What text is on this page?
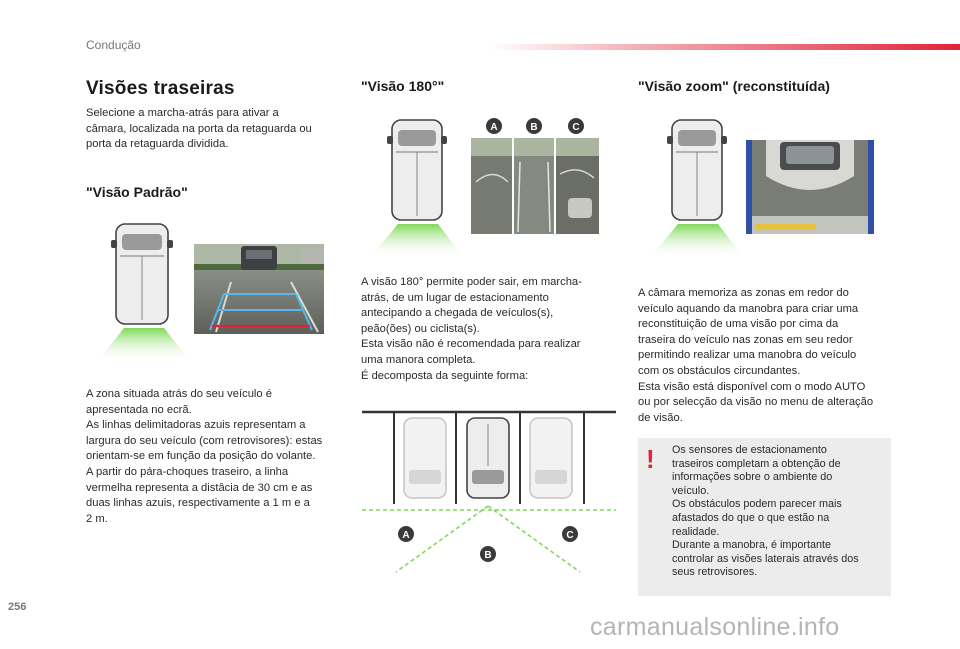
Condução
Visões traseiras
Selecione a marcha-atrás para ativar a
câmara, localizada na porta da retaguarda ou
porta da retaguarda dividida.
"Visão Padrão"
A zona situada atrás do seu veículo é
apresentada no ecrã.
As linhas delimitadoras azuis representam a
largura do seu veículo (com retrovisores): estas
orientam-se em função da posição do volante.
A partir do pára-choques traseiro, a linha
vermelha representa a distâcia de 30 cm e as
duas linhas azuis, respectivamente a 1 m e a
2 m.
"Visão 180°"
A	B	C
A visão 180° permite poder sair, em marcha-
atrás, de um lugar de estacionamento
antecipando a chegada de veículos(s),
peão(ões) ou ciclista(s).
Esta visão não é recomendada para realizar
uma manora completa.
É decomposta da seguinte forma:
A
B
C
"Visão zoom" (reconstituída)
A câmara memoriza as zonas em redor do
veículo aquando da manobra para criar uma
reconstituição de uma visão por cima da
traseira do veículo nas zonas em seu redor
permitindo realizar uma manobra do veículo
com os obstáculos circundantes.
Esta visão está disponível com o modo AUTO
ou por selecção da visão no menu de alteração
de visão.
! Os sensores de estacionamento
traseiros completam a obtenção de
informações sobre o ambiente do
veículo.
Os obstáculos podem parecer mais
afastados do que o que estão na
realidade.
Durante a manobra, é importante
controlar as visões laterais através dos
seus retrovisores.
256
carmanualsonline.info
